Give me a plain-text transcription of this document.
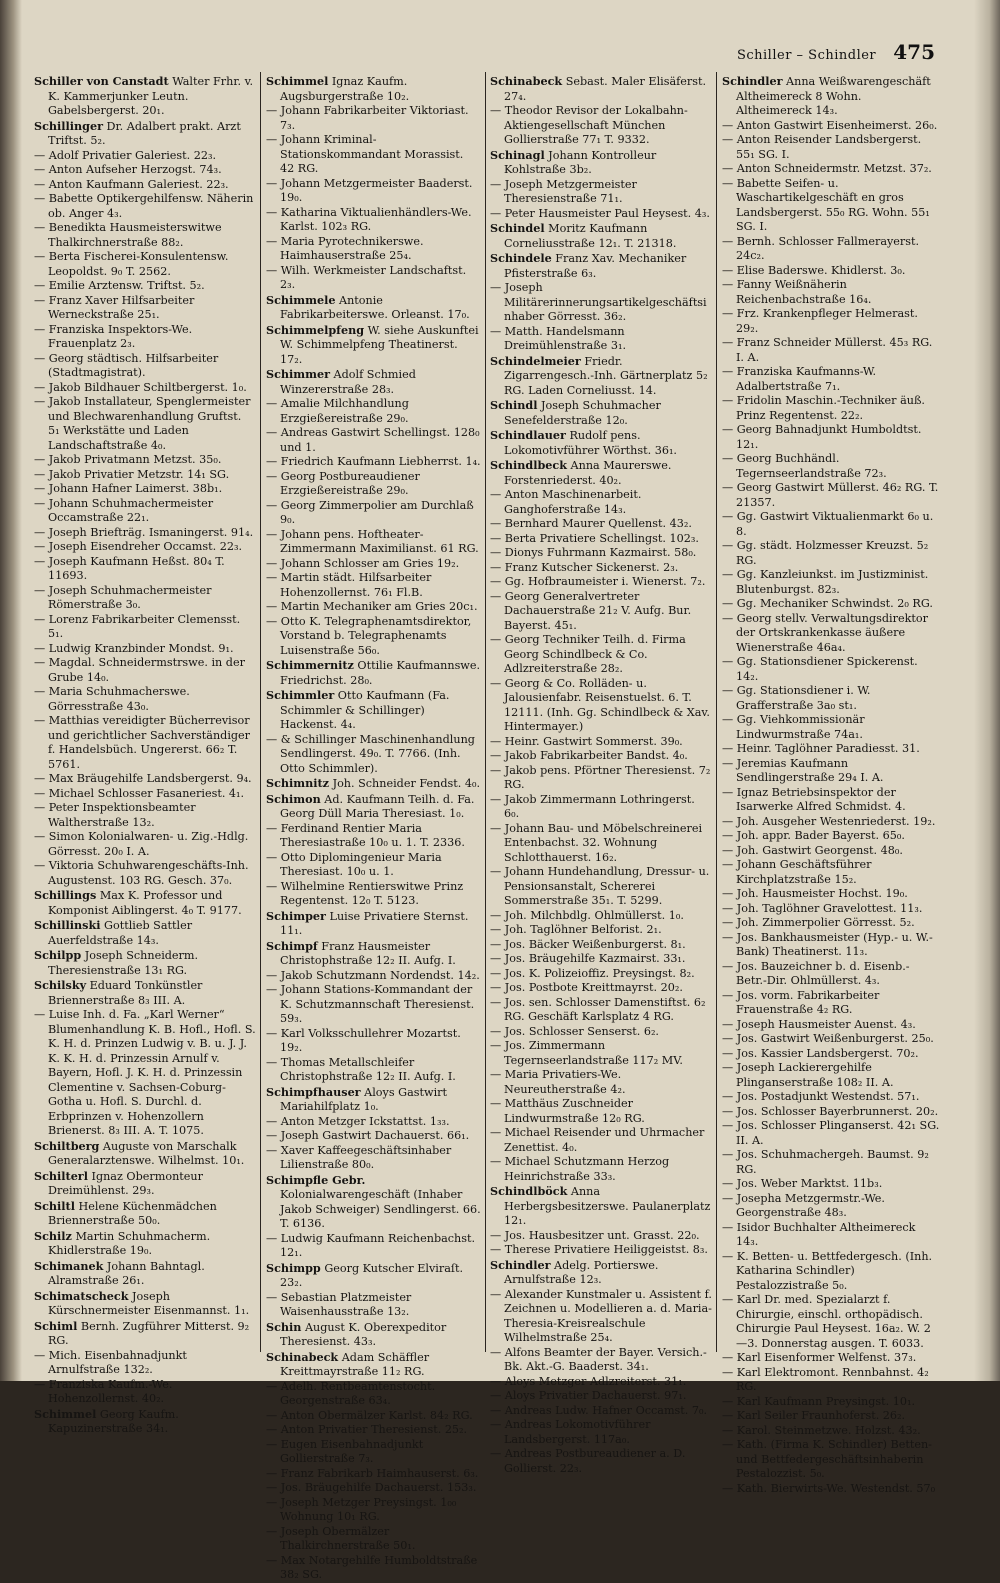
Schiller – Schindler 475

Schiller von Canstadt Walter Frhr. v. K. Kammerjunker Leutn. Gabelsbergerst. 20₁.

Schillinger Dr. Adalbert prakt. Arzt Triftst. 5₂.

— Adolf Privatier Galeriest. 22₃.

— Anton Aufseher Herzogst. 74₃.

— Anton Kaufmann Galeriest. 22₃.

— Babette Optikergehilfensw. Näherin ob. Anger 4₃.

— Benedikta Hausmeisterswitwe Thalkirchnerstraße 88₂.

— Berta Fischerei-Konsulentensw. Leopoldst. 9₀ T. 2562.

— Emilie Arztensw. Triftst. 5₂.

— Franz Xaver Hilfsarbeiter Werneckstraße 25₁.

— Franziska Inspektors-We. Frauenplatz 2₃.

— Georg städtisch. Hilfsarbeiter (Stadtmagistrat).

— Jakob Bildhauer Schiltbergerst. 1₀.

— Jakob Installateur, Spenglermeister und Blechwarenhandlung Gruftst. 5₁ Werkstätte und Laden Landschaftstraße 4₀.

— Jakob Privatmann Metzst. 35₀.

— Jakob Privatier Metzstr. 14₁ SG.

— Johann Hafner Laimerst. 38b₁.

— Johann Schuhmachermeister Occamstraße 22₁.

— Joseph Briefträg. Ismaningerst. 91₄.

— Joseph Eisendreher Occamst. 22₃.

— Joseph Kaufmann Heßst. 80₄ T. 11693.

— Joseph Schuhmachermeister Römerstraße 3₀.

— Lorenz Fabrikarbeiter Clemensst. 5₁.

— Ludwig Kranzbinder Mondst. 9₁.

— Magdal. Schneidermstrswe. in der Grube 14₀.

— Maria Schuhmacherswe. Görresstraße 43₀.

— Matthias vereidigter Bücherrevisor und gerichtlicher Sachverständiger f. Handelsbüch. Ungererst. 66₂ T. 5761.

— Max Bräugehilfe Landsbergerst. 9₄.

— Michael Schlosser Fasaneriest. 4₁.

— Peter Inspektionsbeamter Waltherstraße 13₂.

— Simon Kolonialwaren- u. Zig.-Hdlg. Görresst. 20₀ I. A.

— Viktoria Schuhwarengeschäfts-Inh. Augustenst. 103 RG. Gesch. 37₀.

Schillings Max K. Professor und Komponist Aiblingerst. 4₀ T. 9177.

Schillinski Gottlieb Sattler Auerfeldstraße 14₃.

Schilpp Joseph Schneiderm. Theresienstraße 13₁ RG.

Schilsky Eduard Tonkünstler Briennerstraße 8₃ III. A.

— Luise Inh. d. Fa. „Karl Werner“ Blumenhandlung K. B. Hofl., Hofl. S. K. H. d. Prinzen Ludwig v. B. u. J. J. K. K. H. d. Prinzessin Arnulf v. Bayern, Hofl. J. K. H. d. Prinzessin Clementine v. Sachsen-Coburg-Gotha u. Hofl. S. Durchl. d. Erbprinzen v. Hohenzollern Brienerst. 8₃ III. A. T. 1075.

Schiltberg Auguste von Marschalk Generalarztenswe. Wilhelmst. 10₁.

Schilterl Ignaz Obermonteur Dreimühlenst. 29₃.

Schiltl Helene Küchenmädchen Briennerstraße 50₀.

Schilz Martin Schuhmacherm. Khidlerstraße 19₀.

Schimanek Johann Bahntagl. Alramstraße 26₁.

Schimatscheck Joseph Kürschnermeister Eisenmannst. 1₁.

Schiml Bernh. Zugführer Mitterst. 9₂ RG.

— Mich. Eisenbahnadjunkt Arnulfstraße 132₂.

— Franziska Kaufm.-We. Hohenzollernst. 40₂.

Schimmel Georg Kaufm. Kapuzinerstraße 34₁.

Schimmel Ignaz Kaufm. Augsburgerstraße 10₂.

— Johann Fabrikarbeiter Viktoriast. 7₃.

— Johann Kriminal-Stationskommandant Morassist. 42 RG.

— Johann Metzgermeister Baaderst. 19₀.

— Katharina Viktualienhändlers-We. Karlst. 102₃ RG.

— Maria Pyrotechnikerswe. Haimhauserstraße 25₄.

— Wilh. Werkmeister Landschaftst. 2₃.

Schimmele Antonie Fabrikarbeiterswe. Orleanst. 17₀.

Schimmelpfeng W. siehe Auskunftei W. Schimmelpfeng Theatinerst. 17₂.

Schimmer Adolf Schmied Winzererstraße 28₃.

— Amalie Milchhandlung Erzgießereistraße 29₀.

— Andreas Gastwirt Schellingst. 128₀ und 1.

— Friedrich Kaufmann Liebherrst. 1₄.

— Georg Postbureaudiener Erzgießereistraße 29₀.

— Georg Zimmerpolier am Durchlaß 9₀.

— Johann pens. Hoftheater-Zimmermann Maximilianst. 61 RG.

— Johann Schlosser am Gries 19₂.

— Martin städt. Hilfsarbeiter Hohenzollernst. 76₁ Fl.B.

— Martin Mechaniker am Gries 20c₁.

— Otto K. Telegraphenamtsdirektor, Vorstand b. Telegraphenamts Luisenstraße 56₀.

Schimmernitz Ottilie Kaufmannswe. Friedrichst. 28₀.

Schimmler Otto Kaufmann (Fa. Schimmler & Schillinger) Hackenst. 4₄.

— & Schillinger Maschinenhandlung Sendlingerst. 49₀. T. 7766. (Inh. Otto Schimmler).

Schimnitz Joh. Schneider Fendst. 4₀.

Schimon Ad. Kaufmann Teilh. d. Fa. Georg Düll Maria Theresiast. 1₀.

— Ferdinand Rentier Maria Theresiastraße 10₀ u. 1. T. 2336.

— Otto Diplomingenieur Maria Theresiast. 10₀ u. 1.

— Wilhelmine Rentierswitwe Prinz Regentenst. 12₀ T. 5123.

Schimper Luise Privatiere Sternst. 11₁.

Schimpf Franz Hausmeister Christophstraße 12₂ II. Aufg. I.

— Jakob Schutzmann Nordendst. 14₂.

— Johann Stations-Kommandant der K. Schutzmannschaft Theresienst. 59₃.

— Karl Volksschullehrer Mozartst. 19₂.

— Thomas Metallschleifer Christophstraße 12₂ II. Aufg. I.

Schimpfhauser Aloys Gastwirt Mariahilfplatz 1₀.

— Anton Metzger Ickstattst. 1₃₃.

— Joseph Gastwirt Dachauerst. 66₁.

— Xaver Kaffeegeschäftsinhaber Lilienstraße 80₀.

Schimpfle Gebr. Kolonialwarengeschäft (Inhaber Jakob Schweiger) Sendlingerst. 66. T. 6136.

— Ludwig Kaufmann Reichenbachst. 12₁.

Schimpp Georg Kutscher Elviraſt. 23₂.

— Sebastian Platzmeister Waisenhausstraße 13₂.

Schin August K. Oberexpeditor Theresienst. 43₃.

Schinabeck Adam Schäffler Kreittmayrstraße 11₂ RG.

— Adelh. Rentbeamtenstocht. Georgenstraße 63₄.

— Anton Obermälzer Karlst. 84₂ RG.

— Anton Privatier Theresienst. 25₂.

— Eugen Eisenbahnadjunkt Gollierstraße 7₃.

— Franz Fabrikarb Haimhauserst. 6₃.

— Jos. Bräugehilfe Dachauerst. 153₃.

— Joseph Metzger Preysingst. 1₀₀ Wohnung 10₁ RG.

— Joseph Obermälzer Thalkirchnerstraße 50₁.

— Max Notargehilfe Humboldtstraße 38₂ SG.

Schinabeck Sebast. Maler Elisäferst. 27₄.

— Theodor Revisor der Lokalbahn-Aktiengesellschaft München Gollierstraße 77₁ T. 9332.

Schinagl Johann Kontrolleur Kohlstraße 3b₂.

— Joseph Metzgermeister Theresienstraße 71₁.

— Peter Hausmeister Paul Heysest. 4₃.

Schindel Moritz Kaufmann Corneliusstraße 12₁. T. 21318.

Schindele Franz Xav. Mechaniker Pfisterstraße 6₃.

— Joseph Militärerinnerungsartikelgeschäftsinhaber Görresst. 36₂.

— Matth. Handelsmann Dreimühlenstraße 3₁.

Schindelmeier Friedr. Zigarrengesch.-Inh. Gärtnerplatz 5₂ RG. Laden Corneliusst. 14.

Schindl Joseph Schuhmacher Senefelderstraße 12₀.

Schindlauer Rudolf pens. Lokomotivführer Wörthst. 36₁.

Schindlbeck Anna Maurerswe. Forstenriederst. 40₂.

— Anton Maschinenarbeit. Ganghoferstraße 14₃.

— Bernhard Maurer Quellenst. 43₂.

— Berta Privatiere Schellingst. 102₃.

— Dionys Fuhrmann Kazmairst. 58₀.

— Franz Kutscher Sickenerst. 2₃.

— Gg. Hofbraumeister i. Wienerst. 7₂.

— Georg Generalvertreter Dachauerstraße 21₂ V. Aufg. Bur. Bayerst. 45₁.

— Georg Techniker Teilh. d. Firma Georg Schindlbeck & Co. Adlzreiterstraße 28₂.

— Georg & Co. Rolläden- u. Jalousienfabr. Reisenstuelst. 6. T. 12111. (Inh. Gg. Schindlbeck & Xav. Hintermayer.)

— Heinr. Gastwirt Sommerst. 39₀.

— Jakob Fabrikarbeiter Bandst. 4₀.

— Jakob pens. Pförtner Theresienst. 7₂ RG.

— Jakob Zimmermann Lothringerst. 6₀.

— Johann Bau- und Möbelschreinerei Entenbachst. 32. Wohnung Schlotthauerst. 16₂.

— Johann Hundehandlung, Dressur- u. Pensionsanstalt, Schererei Sommerstraße 35₁. T. 5299.

— Joh. Milchbdlg. Ohlmüllerst. 1₀.

— Joh. Taglöhner Belforist. 2₁.

— Jos. Bäcker Weißenburgerst. 8₁.

— Jos. Bräugehilfe Kazmairst. 33₁.

— Jos. K. Polizeioffiz. Preysingst. 8₂.

— Jos. Postbote Kreittmayrst. 20₂.

— Jos. sen. Schlosser Damenstiftst. 6₂ RG. Geschäft Karlsplatz 4 RG.

— Jos. Schlosser Senserst. 6₂.

— Jos. Zimmermann Tegernseerlandstraße 117₂ MV.

— Maria Privatiers-We. Neureutherstraße 4₂.

— Matthäus Zuschneider Lindwurmstraße 12₀ RG.

— Michael Reisender und Uhrmacher Zenettist. 4₀.

— Michael Schutzmann Herzog Heinrichstraße 33₃.

Schindlböck Anna Herbergsbesitzerswe. Paulanerplatz 12₁.

— Jos. Hausbesitzer unt. Grasst. 22₀.

— Therese Privatiere Heiliggeistst. 8₃.

Schindler Adelg. Portierswe. Arnulfstraße 12₃.

— Alexander Kunstmaler u. Assistent f. Zeichnen u. Modellieren a. d. Maria-Theresia-Kreisrealschule Wilhelmstraße 25₄.

— Alfons Beamter der Bayer. Versich.-Bk. Akt.-G. Baaderst. 34₁.

— Aloys Metzger Adlzreiterst. 31₁.

— Aloys Privatier Dachauerst. 97₁.

— Andreas Ludw. Hafner Occamst. 7₀.

— Andreas Lokomotivführer Landsbergerst. 117a₀.

— Andreas Postbureaudiener a. D. Gollierst. 22₃.

Schindler Anna Weißwarengeschäft Altheimereck 8 Wohn. Altheimereck 14₃.

— Anton Gastwirt Eisenheimerst. 26₀.

— Anton Reisender Landsbergerst. 55₁ SG. I.

— Anton Schneidermstr. Metzst. 37₂.

— Babette Seifen- u. Waschartikelgeschäft en gros Landsbergerst. 55₀ RG. Wohn. 55₁ SG. I.

— Bernh. Schlosser Fallmerayerst. 24c₂.

— Elise Baderswe. Khidlerst. 3₀.

— Fanny Weißnäherin Reichenbachstraße 16₄.

— Frz. Krankenpfleger Helmerast. 29₂.

— Franz Schneider Müllerst. 45₃ RG. I. A.

— Franziska Kaufmanns-W. Adalbertstraße 7₁.

— Fridolin Maschin.-Techniker äuß. Prinz Regentenst. 22₂.

— Georg Bahnadjunkt Humboldtst. 12₁.

— Georg Buchhändl. Tegernseerlandstraße 72₃.

— Georg Gastwirt Müllerst. 46₂ RG. T. 21357.

— Gg. Gastwirt Viktualienmarkt 6₀ u. 8.

— Gg. städt. Holzmesser Kreuzst. 5₂ RG.

— Gg. Kanzleiunkst. im Justizminist. Blutenburgst. 82₃.

— Gg. Mechaniker Schwindst. 2₀ RG.

— Georg stellv. Verwaltungsdirektor der Ortskrankenkasse äußere Wienerstraße 46a₄.

— Gg. Stationsdiener Spickerenst. 14₂.

— Gg. Stationsdiener i. W. Grafferstraße 3a₀ st₁.

— Gg. Viehkommissionär Lindwurmstraße 74a₁.

— Heinr. Taglöhner Paradiesst. 31.

— Jeremias Kaufmann Sendlingerstraße 29₄ I. A.

— Ignaz Betriebsinspektor der Isarwerke Alfred Schmidst. 4.

— Joh. Ausgeher Westenriederst. 19₂.

— Joh. appr. Bader Bayerst. 65₀.

— Joh. Gastwirt Georgenst. 48₀.

— Johann Geschäftsführer Kirchplatzstraße 15₂.

— Joh. Hausmeister Hochst. 19₀.

— Joh. Taglöhner Gravelottest. 11₃.

— Joh. Zimmerpolier Görresst. 5₂.

— Jos. Bankhausmeister (Hyp.- u. W.-Bank) Theatinerst. 11₃.

— Jos. Bauzeichner b. d. Eisenb.-Betr.-Dir. Ohlmüllerst. 4₃.

— Jos. vorm. Fabrikarbeiter Frauenstraße 4₂ RG.

— Joseph Hausmeister Auenst. 4₃.

— Jos. Gastwirt Weißenburgerst. 25₀.

— Jos. Kassier Landsbergerst. 70₂.

— Joseph Lackierergehilfe Plinganserstraße 108₂ II. A.

— Jos. Postadjunkt Westendst. 57₁.

— Jos. Schlosser Bayerbrunnerst. 20₂.

— Jos. Schlosser Plinganserst. 42₁ SG. II. A.

— Jos. Schuhmachergeh. Baumst. 9₂ RG.

— Jos. Weber Marktst. 11b₃.

— Josepha Metzgermstr.-We. Georgenstraße 48₃.

— Isidor Buchhalter Altheimereck 14₃.

— K. Betten- u. Bettfedergesch. (Inh. Katharina Schindler) Pestalozzistraße 5₀.

— Karl Dr. med. Spezialarzt f. Chirurgie, einschl. orthopädisch. Chirurgie Paul Heysest. 16a₂. W. 2—3. Donnerstag ausgen. T. 6033.

— Karl Eisenformer Welfenst. 37₃.

— Karl Elektromont. Rennbahnst. 4₂ RG.

— Karl Kaufmann Preysingst. 10₁.

— Karl Seiler Fraunhoferst. 26₂.

— Karol. Steinmetzwe. Holzst. 43₂.

— Kath. (Firma K. Schindler) Betten- und Bettfedergeschäftsinhaberin Pestalozzist. 5₀.

— Kath. Bierwirts-We. Westendst. 57₀
